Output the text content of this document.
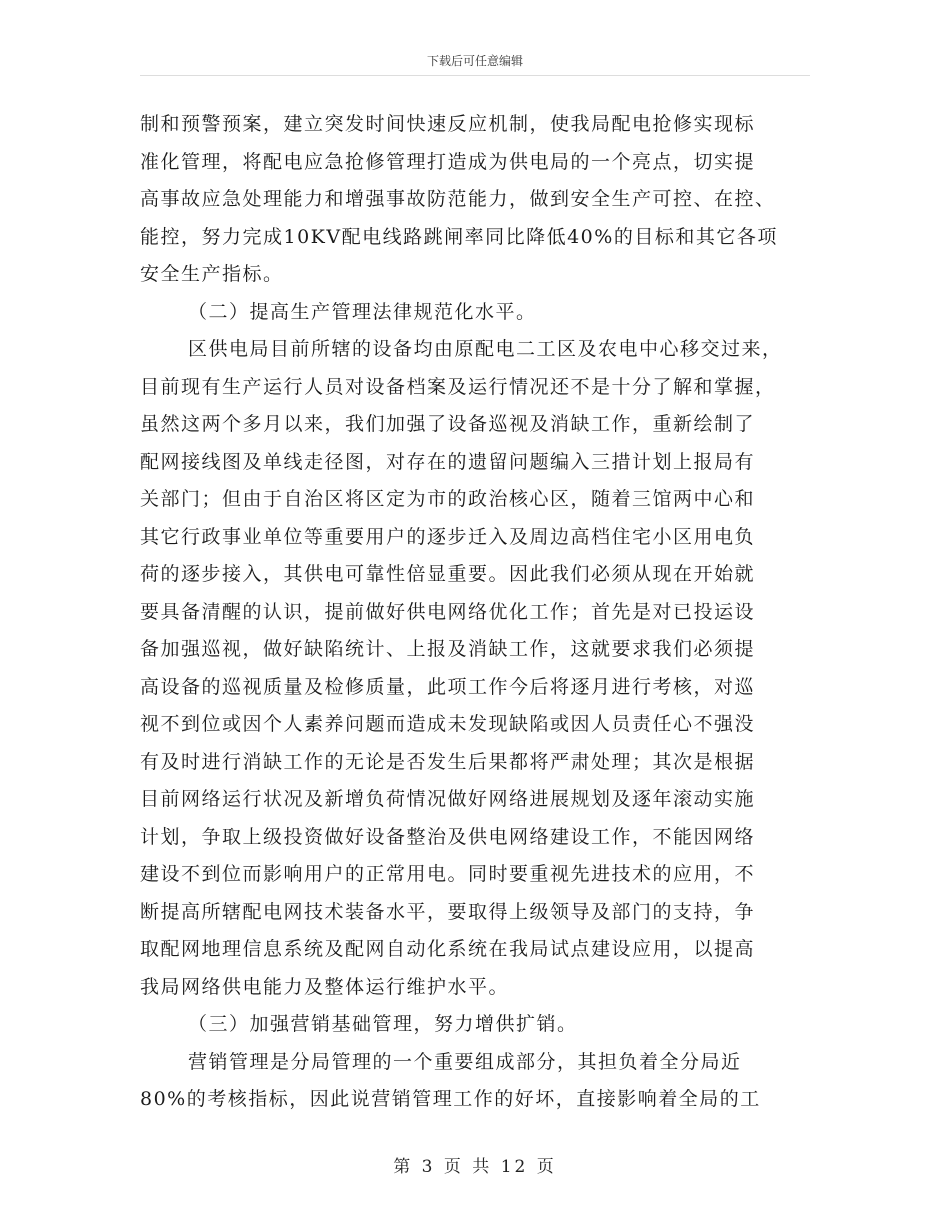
下载后可任意编辑
制和预警预案，建立突发时间快速反应机制，使我局配电抢修实现标
准化管理，将配电应急抢修管理打造成为供电局的一个亮点，切实提
高事故应急处理能力和增强事故防范能力，做到安全生产可控、在控、
能控，努力完成10KV配电线路跳闸率同比降低40%的目标和其它各项
安全生产指标。
（二）提高生产管理法律规范化水平。
区供电局目前所辖的设备均由原配电二工区及农电中心移交过来，
目前现有生产运行人员对设备档案及运行情况还不是十分了解和掌握，
虽然这两个多月以来，我们加强了设备巡视及消缺工作，重新绘制了
配网接线图及单线走径图，对存在的遗留问题编入三措计划上报局有
关部门；但由于自治区将区定为市的政治核心区，随着三馆两中心和
其它行政事业单位等重要用户的逐步迁入及周边高档住宅小区用电负
荷的逐步接入，其供电可靠性倍显重要。因此我们必须从现在开始就
要具备清醒的认识，提前做好供电网络优化工作；首先是对已投运设
备加强巡视，做好缺陷统计、上报及消缺工作，这就要求我们必须提
高设备的巡视质量及检修质量，此项工作今后将逐月进行考核，对巡
视不到位或因个人素养问题而造成未发现缺陷或因人员责任心不强没
有及时进行消缺工作的无论是否发生后果都将严肃处理；其次是根据
目前网络运行状况及新增负荷情况做好网络进展规划及逐年滚动实施
计划，争取上级投资做好设备整治及供电网络建设工作，不能因网络
建设不到位而影响用户的正常用电。同时要重视先进技术的应用，不
断提高所辖配电网技术装备水平，要取得上级领导及部门的支持，争
取配网地理信息系统及配网自动化系统在我局试点建设应用，以提高
我局网络供电能力及整体运行维护水平。
（三）加强营销基础管理，努力增供扩销。
营销管理是分局管理的一个重要组成部分，其担负着全分局近
80%的考核指标，因此说营销管理工作的好坏，直接影响着全局的工
第 3 页 共 12 页
